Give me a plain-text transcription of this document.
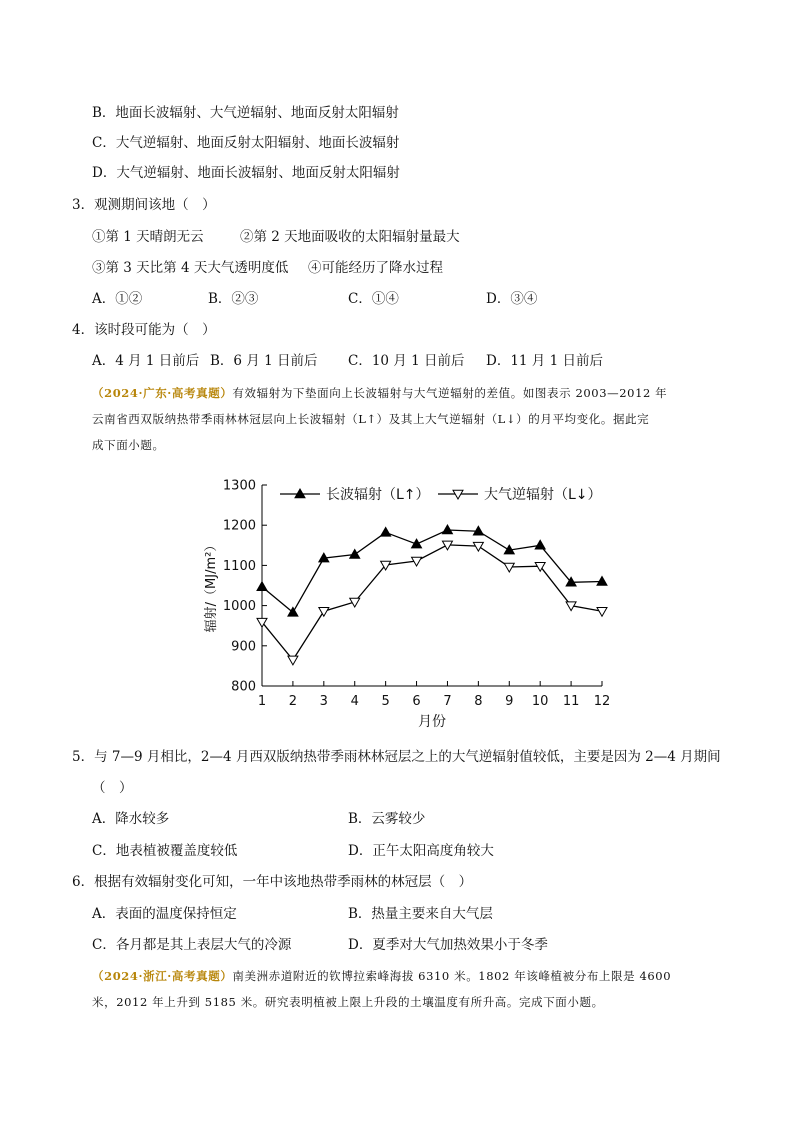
B．地面长波辐射、大气逆辐射、地面反射太阳辐射
C．大气逆辐射、地面反射太阳辐射、地面长波辐射
D．大气逆辐射、地面长波辐射、地面反射太阳辐射
3．观测期间该地（　）
①第 1 天晴朗无云	②第 2 天地面吸收的太阳辐射量最大
③第 3 天比第 4 天大气透明度低 ④可能经历了降水过程
A．①②	B．②③	C．①④	D．③④
4．该时段可能为（　）
A．4 月 1 日前后 B．6 月 1 日前后 C．10 月 1 日前后 D．11 月 1 日前后
（2024·广东·高考真题）有效辐射为下垫面向上长波辐射与大气逆辐射的差值。如图表示 2003—2012 年
云南省西双版纳热带季雨林林冠层向上长波辐射（L↑）及其上大气逆辐射（L↓）的月平均变化。据此完
成下面小题。
800
900
1000
1100
1200
1300
1 2 3 4 5 6 7 8 9 10 11 12
月份
辐射/（MJ/m²）
长波辐射（L↑）	大气逆辐射（L↓）
5．与 7—9 月相比，2—4 月西双版纳热带季雨林林冠层之上的大气逆辐射值较低，主要是因为 2—4 月期间
（　）
A．降水较多	B．云雾较少
C．地表植被覆盖度较低	D．正午太阳高度角较大
6．根据有效辐射变化可知，一年中该地热带季雨林的林冠层（　）
A．表面的温度保持恒定	B．热量主要来自大气层
C．各月都是其上表层大气的冷源	D．夏季对大气加热效果小于冬季
（2024·浙江·高考真题）南美洲赤道附近的钦博拉索峰海拔 6310 米。1802 年该峰植被分布上限是 4600
米，2012 年上升到 5185 米。研究表明植被上限上升段的土壤温度有所升高。完成下面小题。
